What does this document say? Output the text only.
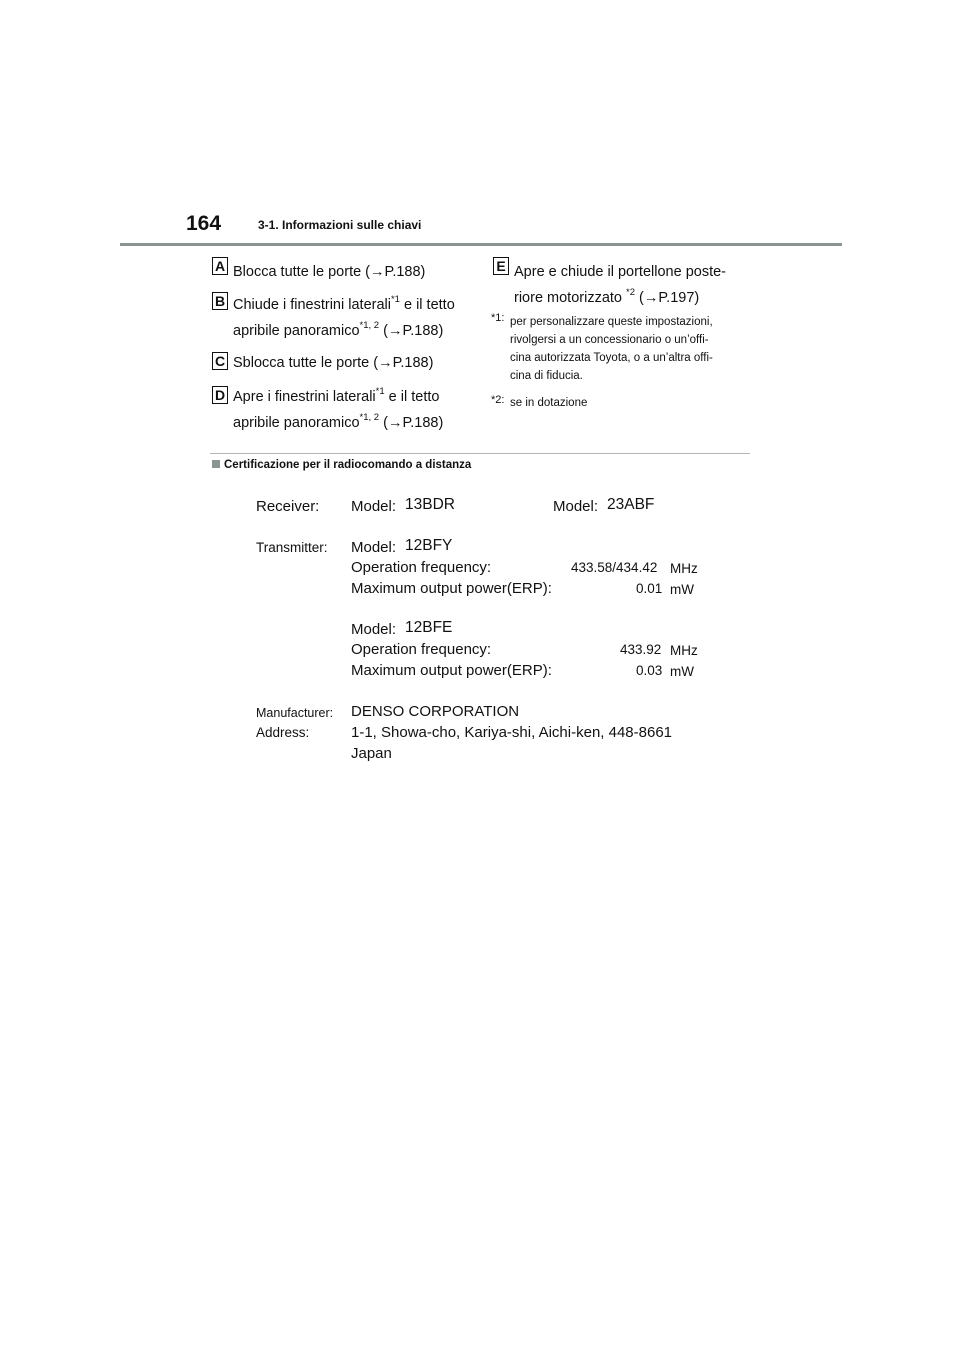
164	3-1. Informazioni sulle chiavi
A Blocca tutte le porte (→P.188)
B Chiude i finestrini laterali$^{*1}$ e il tetto
apribile panoramico$^{*1, 2}$ (→P.188)
C Sblocca tutte le porte (→P.188)
D Apre i finestrini laterali$^{*1}$ e il tetto
apribile panoramico$^{*1, 2}$ (→P.188)
E Apre e chiude il portellone poste-
riore motorizzato $^{*2}$ (→P.197)
*1: per personalizzare queste impostazioni,
rivolgersi a un concessionario o un’offi-
cina autorizzata Toyota, o a un’altra offi-
cina di fiducia.
*2: se in dotazione
Certificazione per il radiocomando a distanza
Receiver: Model: 13BDR	Model: 23ABF
Transmitter: Model: 12BFY
Operation frequency:	433.58/434.42 MHz
Maximum output power(ERP):	0.01 mW
Model: 12BFE
Operation frequency:	433.92 MHz
Maximum output power(ERP):	0.03 mW
Manufacturer: DENSO CORPORATION
Address:	1-1, Showa-cho, Kariya-shi, Aichi-ken, 448-8661
Japan
